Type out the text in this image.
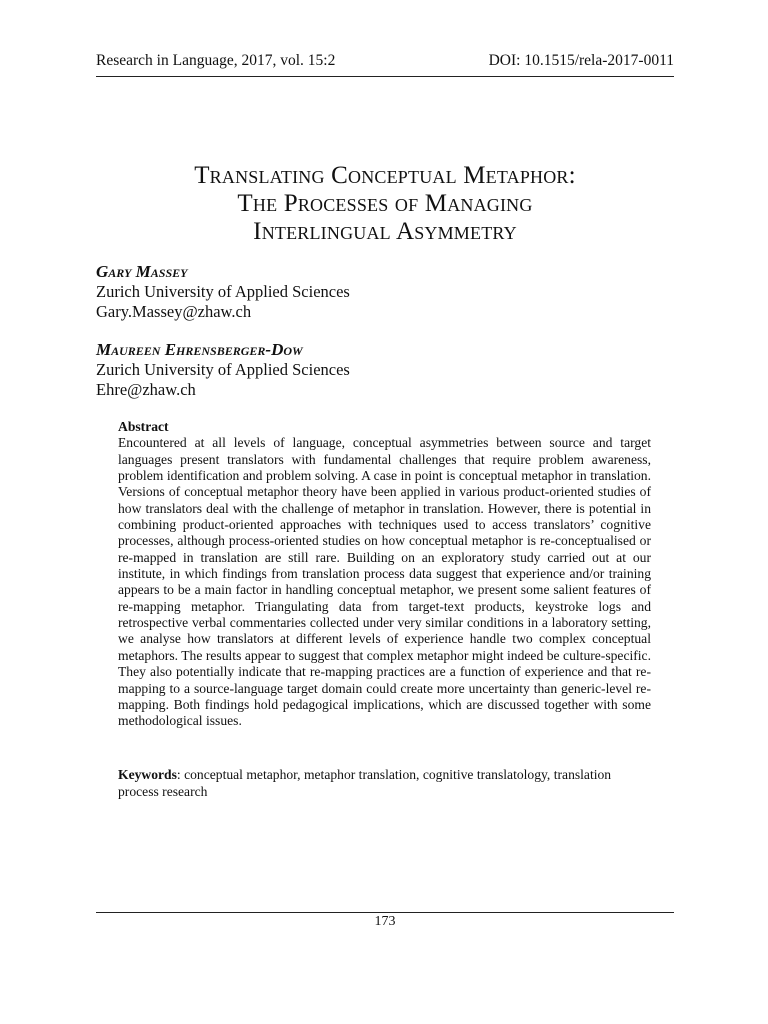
Research in Language, 2017, vol. 15:2	DOI: 10.1515/rela-2017-0011
Translating Conceptual Metaphor:
The Processes of Managing
Interlingual Asymmetry
Gary Massey
Zurich University of Applied Sciences
Gary.Massey@zhaw.ch
Maureen Ehrensberger-Dow
Zurich University of Applied Sciences
Ehre@zhaw.ch
Abstract
Encountered at all levels of language, conceptual asymmetries between source and target languages present translators with fundamental challenges that require problem awareness, problem identification and problem solving. A case in point is conceptual metaphor in translation. Versions of conceptual metaphor theory have been applied in various product-oriented studies of how translators deal with the challenge of metaphor in translation. However, there is potential in combining product-oriented approaches with techniques used to access translators’ cognitive processes, although process-oriented studies on how conceptual metaphor is re-conceptualised or re-mapped in translation are still rare. Building on an exploratory study carried out at our institute, in which findings from translation process data suggest that experience and/or training appears to be a main factor in handling conceptual metaphor, we present some salient features of re-mapping metaphor. Triangulating data from target-text products, keystroke logs and retrospective verbal commentaries collected under very similar conditions in a laboratory setting, we analyse how translators at different levels of experience handle two complex conceptual metaphors. The results appear to suggest that complex metaphor might indeed be culture-specific. They also potentially indicate that re-mapping practices are a function of experience and that re-mapping to a source-language target domain could create more uncertainty than generic-level re-mapping. Both findings hold pedagogical implications, which are discussed together with some methodological issues.
Keywords: conceptual metaphor, metaphor translation, cognitive translatology, translation process research
173
